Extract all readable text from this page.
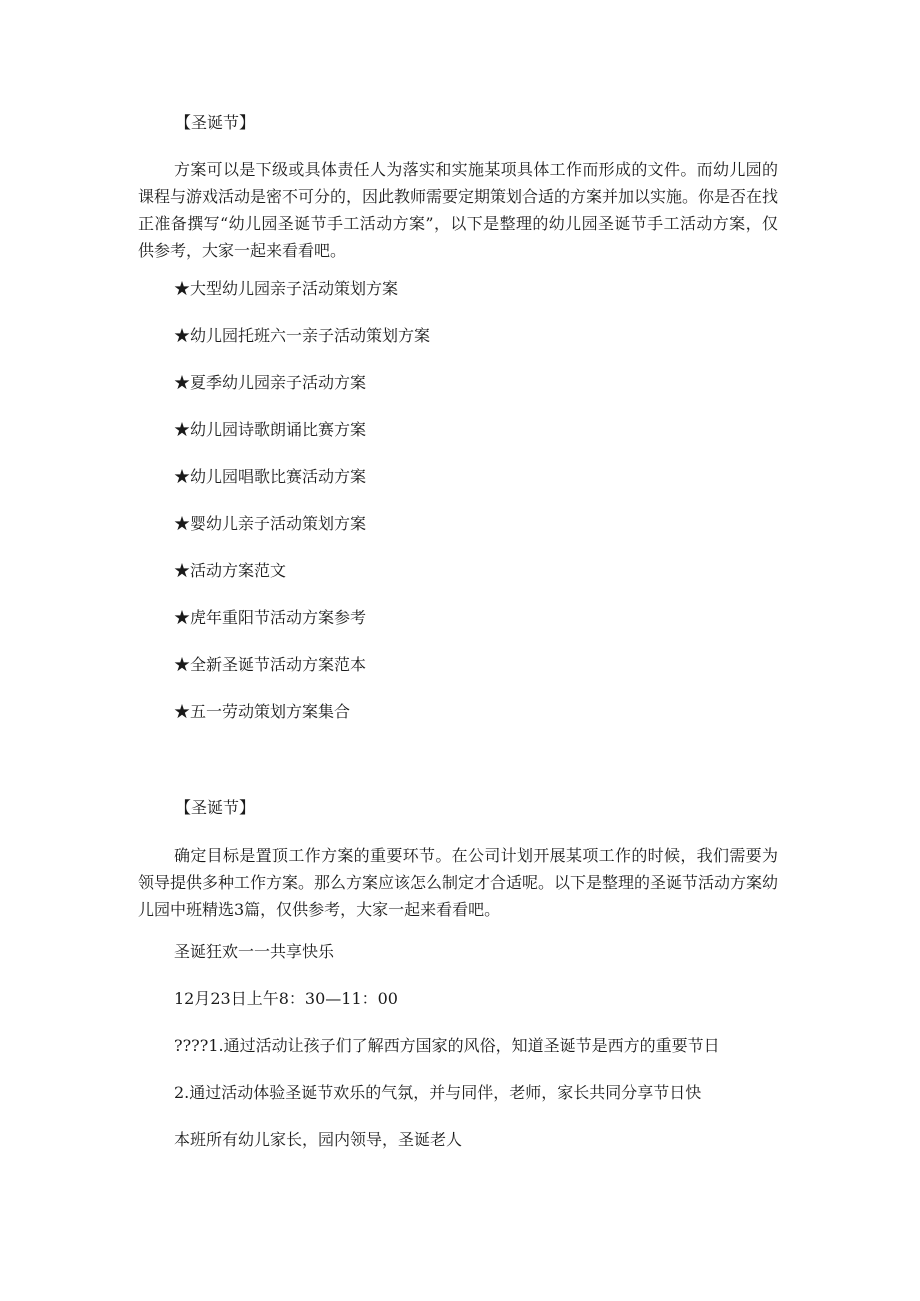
【圣诞节】

方案可以是下级或具体责任人为落实和实施某项具体工作而形成的文件。而幼儿园的课程与游戏活动是密不可分的，因此教师需要定期策划合适的方案并加以实施。你是否在找正准备撰写“幼儿园圣诞节手工活动方案”，以下是整理的幼儿园圣诞节手工活动方案，仅供参考，大家一起来看看吧。

★大型幼儿园亲子活动策划方案
★幼儿园托班六一亲子活动策划方案
★夏季幼儿园亲子活动方案
★幼儿园诗歌朗诵比赛方案
★幼儿园唱歌比赛活动方案
★婴幼儿亲子活动策划方案
★活动方案范文
★虎年重阳节活动方案参考
★全新圣诞节活动方案范本
★五一劳动策划方案集合
【圣诞节】

确定目标是置顶工作方案的重要环节。在公司计划开展某项工作的时候，我们需要为领导提供多种工作方案。那么方案应该怎么制定才合适呢。以下是整理的圣诞节活动方案幼儿园中班精选3篇，仅供参考，大家一起来看看吧。

圣诞狂欢一一共享快乐
12月23日上午8：30—11：00
????1.通过活动让孩子们了解西方国家的风俗，知道圣诞节是西方的重要节日
2.通过活动体验圣诞节欢乐的气氛，并与同伴，老师，家长共同分享节日快
本班所有幼儿家长，园内领导，圣诞老人
